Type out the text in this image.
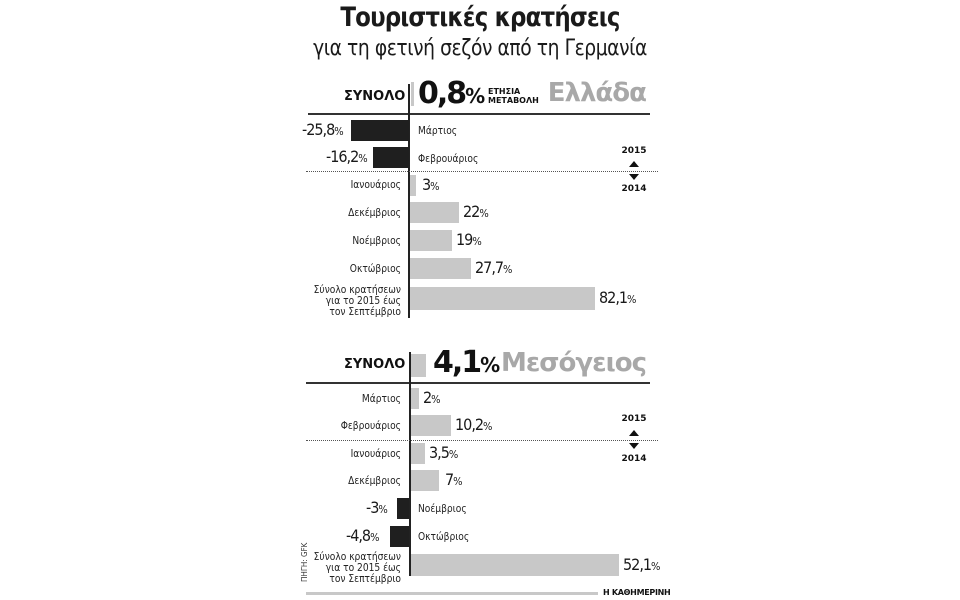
Τουριστικές κρατήσεις
για τη φετινή σεζόν από τη Γερμανία
ΣΥΝΟΛΟ 0,8% ΕΤΗΣΙΑ
ΜΕΤΑΒΟΛΗ Ελλάδα
-25,8%	Μάρτιος
-16,2%	Φεβρουάριος
2015
2014
Ιανουάριος 3%
Δεκέμβριος	22%
Νοέμβριος	19%
Οκτώβριος	27,7%
Σύνολο κρατήσεων
για το 2015 έως
τον Σεπτέμβριο
82,1%
ΣΥΝΟΛΟ 4,1% Μεσόγειος
Μάρτιος 2%
Φεβρουάριος	10,2%
2015
2014
Ιανουάριος 3,5%
Δεκέμβριος	7%
-3%	Νοέμβριος
-4,8%	Οκτώβριος
Σύνολο κρατήσεων
για το 2015 έως
τον Σεπτέμβριο
52,1%
ΠΗΓΗ: GFK
Η ΚΑΘΗΜΕΡΙΝΗ
